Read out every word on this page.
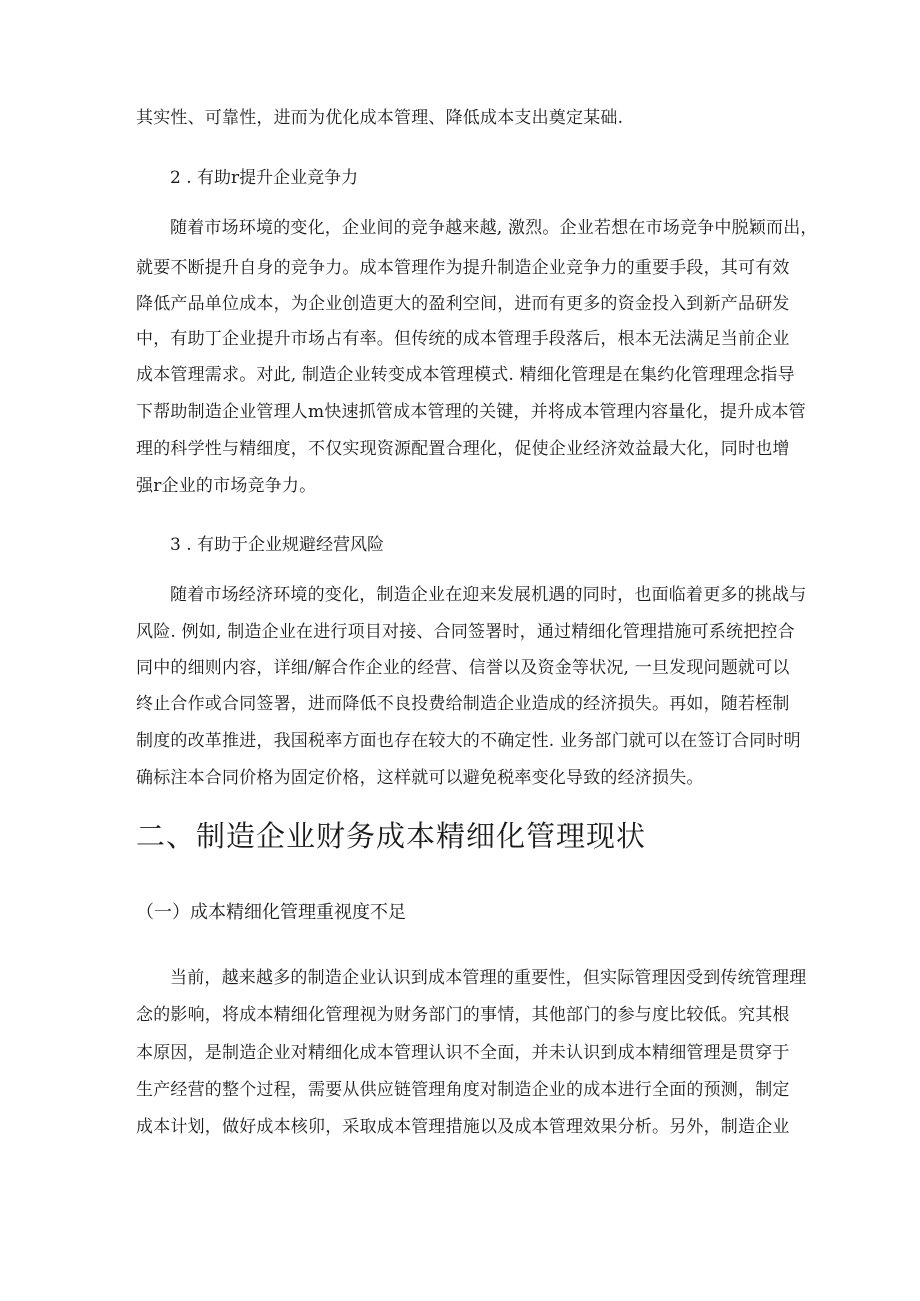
其实性、可靠性，进而为优化成本管理、降低成本支出奠定某础.

2 . 有助r提升企业竞争力

随着市场环境的变化，企业间的竞争越来越, 激烈。企业若想在市场竞争中脱颖而出，

就要不断提升自身的竞争力。成本管理作为提升制造企业竞争力的重要手段，其可有效

降低产品单位成本，为企业创造更大的盈利空间，进而有更多的资金投入到新产品研发

中，有助丁企业提升市场占有率。但传统的成本管理手段落后，根本无法满足当前企业

成本管理需求。对此, 制造企业转变成本管理模式. 精细化管理是在集约化管理理念指导

下帮助制造企业管理人m快速抓管成本管理的关键，并将成本管理内容量化，提升成本管

理的科学性与精细度，不仅实现资源配置合理化，促使企业经济效益最大化，同时也增

强r企业的市场竞争力。

3 . 有助于企业规避经营风险

随着市场经济环境的变化，制造企业在迎来发展机遇的同时，也面临着更多的挑战与

风险. 例如, 制造企业在进行项目对接、合同签署时，通过精细化管理措施可系统把控合

同中的细则内容，详细/解合作企业的经营、信誉以及资金等状况, 一旦发现问题就可以

终止合作或合同签署，进而降低不良投费给制造企业造成的经济损失。再如，随若桎制

制度的改革推进，我国税率方面也存在较大的不确定性. 业务部门就可以在签订合同时明

确标注本合同价格为固定价格，这样就可以避免税率变化导致的经济损失。

二、制造企业财务成本精细化管理现状
（一）成本精细化管理重视度不足

当前，越来越多的制造企业认识到成本管理的重要性，但实际管理因受到传统管理理

念的影响，将成本精细化管理视为财务部门的事情，其他部门的参与度比较低。究其根

本原因，是制造企业对精细化成本管理认识不全面，并未认识到成本精细管理是贯穿于

生产经营的整个过程，需要从供应链管理角度对制造企业的成本进行全面的预测，制定

成本计划，做好成本核卯，采取成本管理措施以及成本管理效果分析。另外，制造企业
